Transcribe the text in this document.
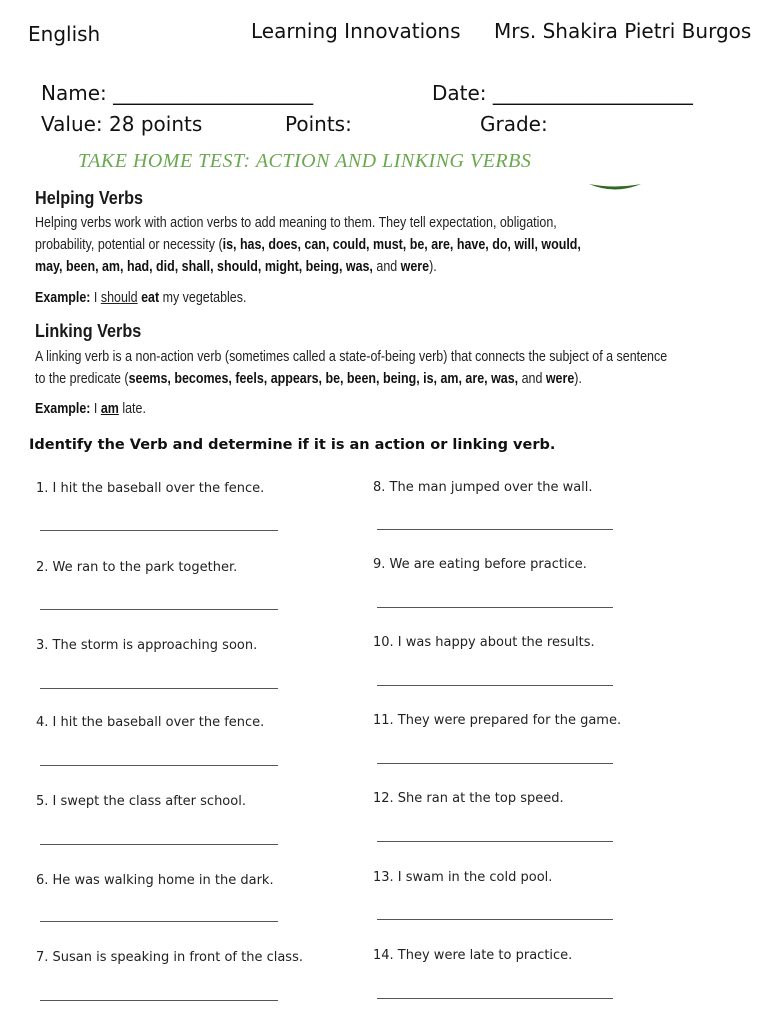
English	Learning Innovations Mrs. Shakira Pietri Burgos
Name: ____________________	Date: ____________________
Value: 28 points	Points:	Grade:
TAKE HOME TEST: ACTION AND LINKING VERBS
Helping Verbs
Helping verbs work with action verbs to add meaning to them. They tell expectation, obligation,
probability, potential or necessity (is, has, does, can, could, must, be, are, have, do, will, would,
may, been, am, had, did, shall, should, might, being, was, and were).
Example: I should eat my vegetables.
Linking Verbs
A linking verb is a non-action verb (sometimes called a state-of-being verb) that connects the subject of a sentence
to the predicate (seems, becomes, feels, appears, be, been, being, is, am, are, was, and were).
Example: I am late.
Identify the Verb and determine if it is an action or linking verb.
1. I hit the baseball over the fence.
2. We ran to the park together.
3. The storm is approaching soon.
4. I hit the baseball over the fence.
5. I swept the class after school.
6. He was walking home in the dark.
7. Susan is speaking in front of the class.
8. The man jumped over the wall.
9. We are eating before practice.
10. I was happy about the results.
11. They were prepared for the game.
12. She ran at the top speed.
13. I swam in the cold pool.
14. They were late to practice.
